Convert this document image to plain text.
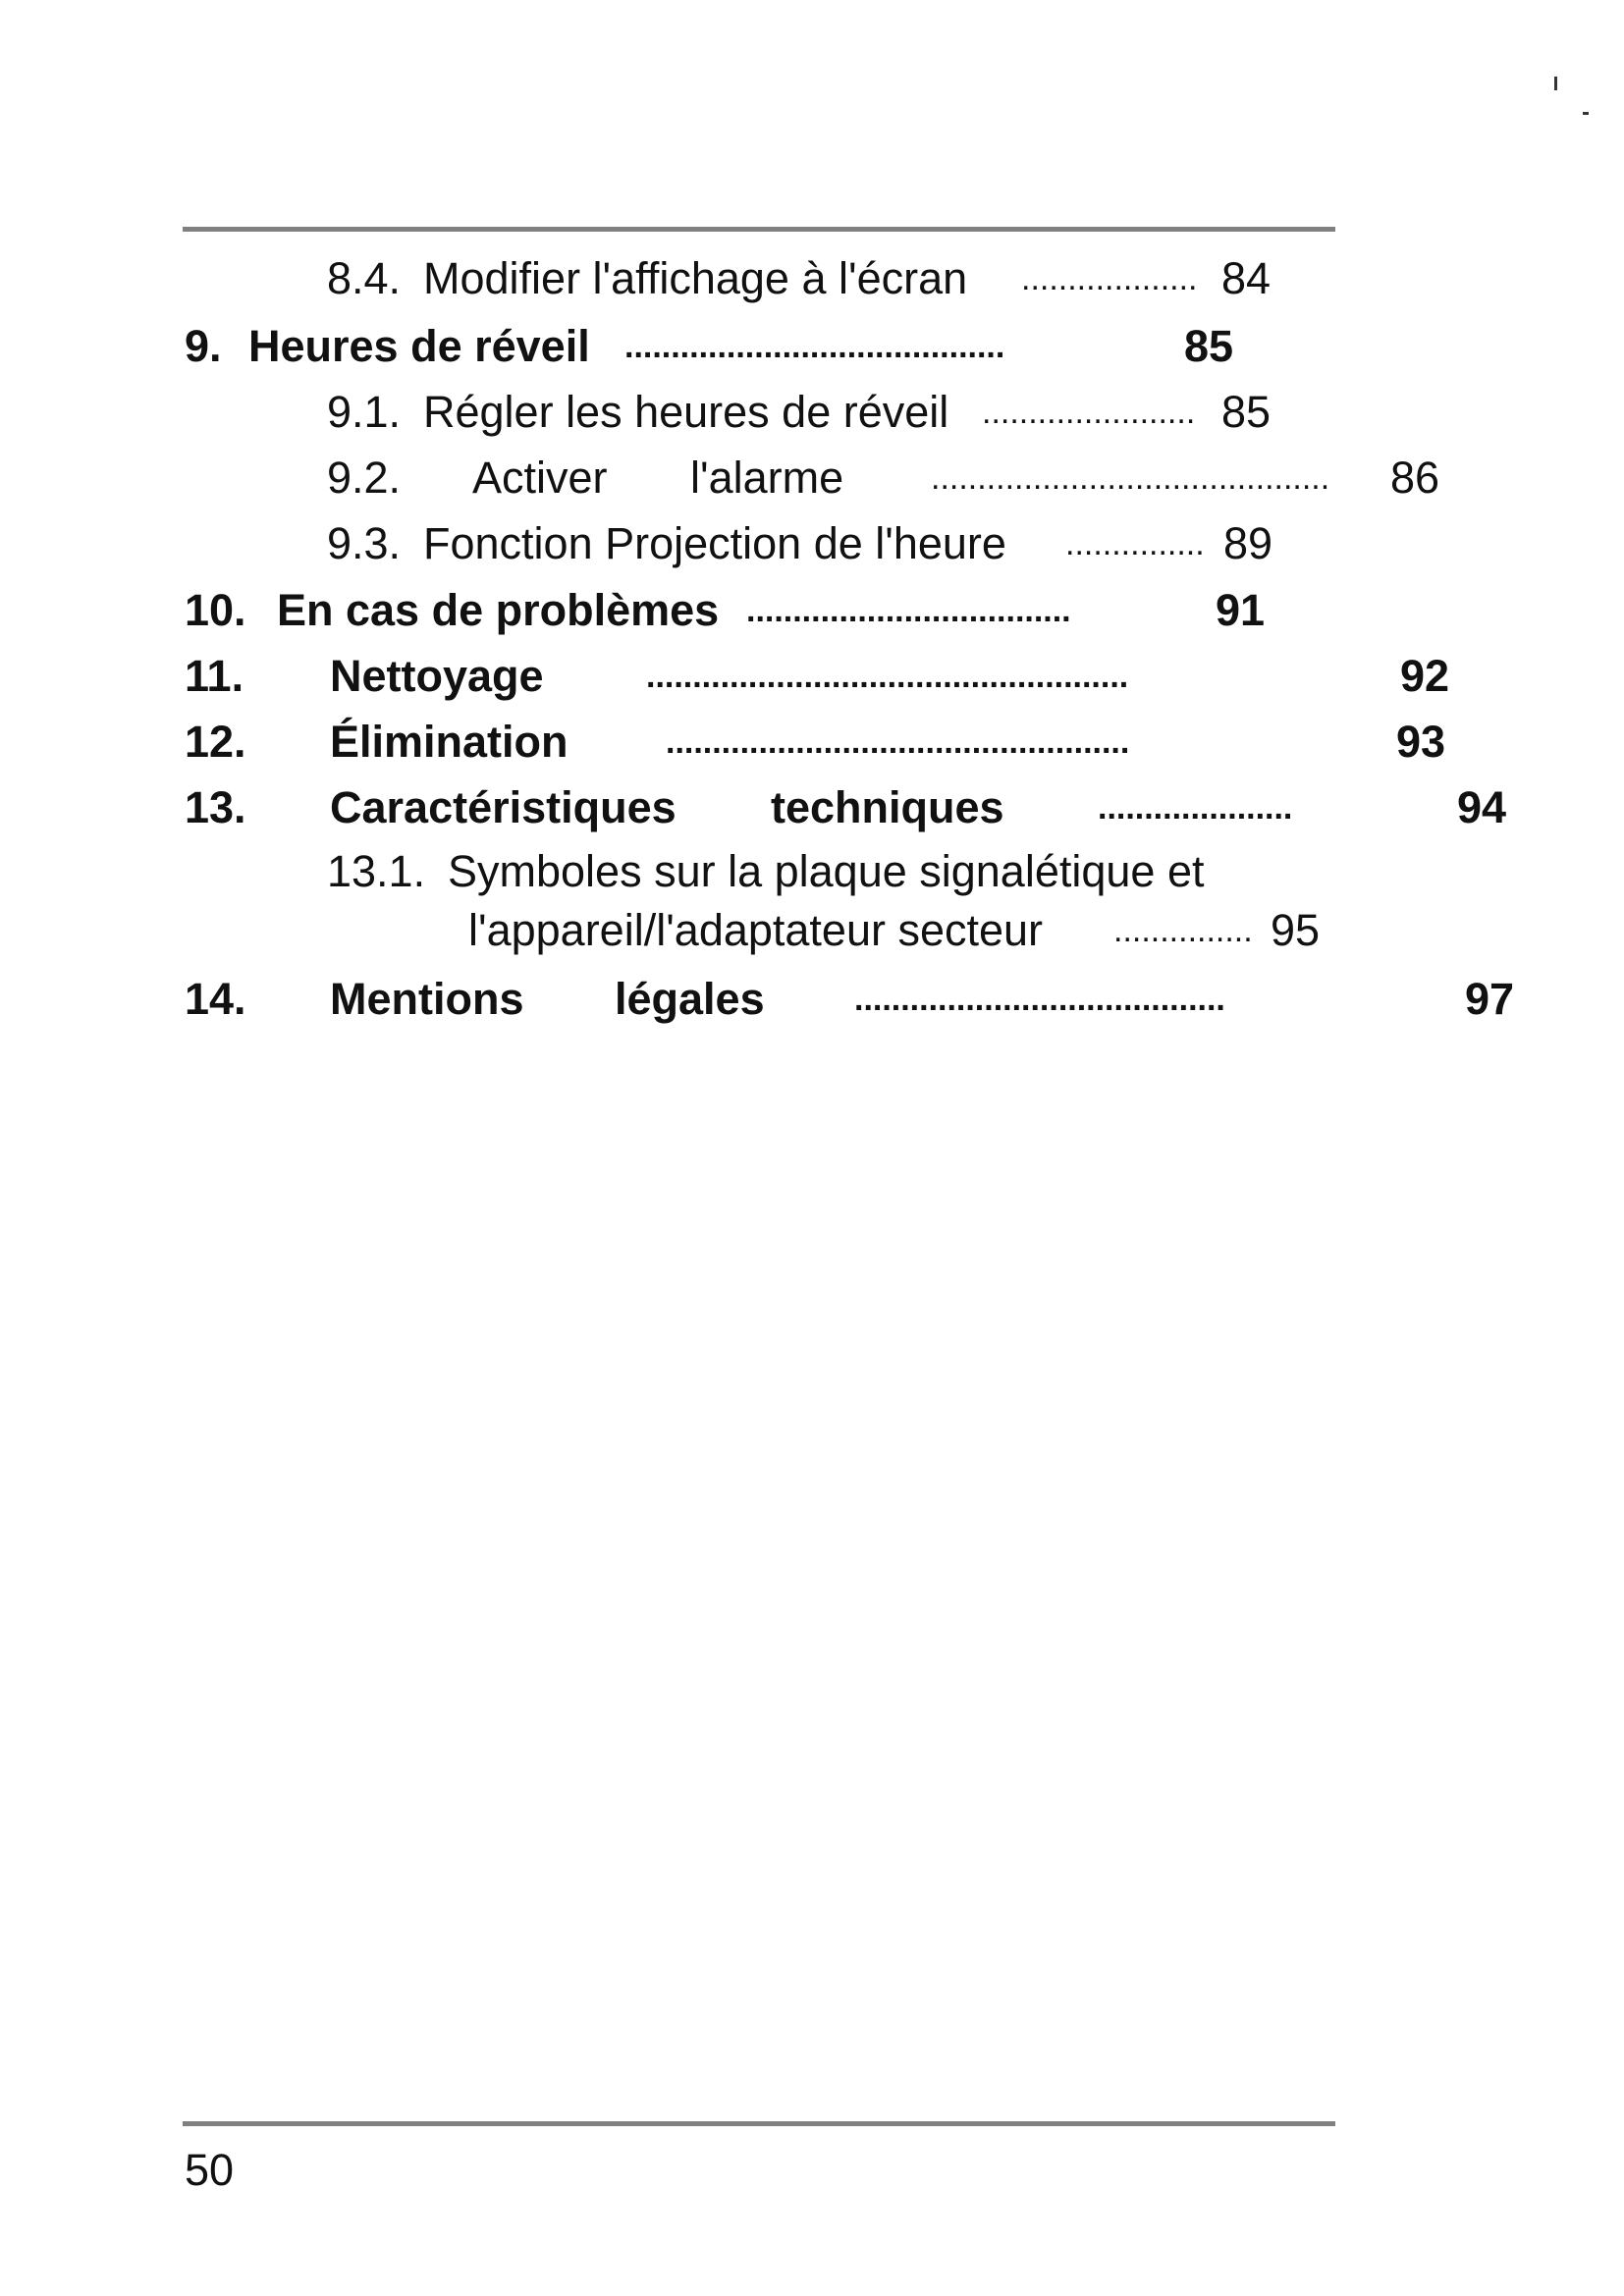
8.4. Modifier l'affichage à l'écran ................... 84
9. Heures de réveil .........................................	85
9.1. Régler les heures de réveil ....................... 85
9.2. Activer l'alarme	...........................................	86
9.3. Fonction Projection de l'heure ............... 89
10. En cas de problèmes ...................................	91
11. Nettoyage	....................................................	92
12. Élimination	..................................................	93
13. Caractéristiques techniques	.....................	94
13.1. Symboles sur la plaque signalétique et
l'appareil/l'adaptateur secteur ............... 95
14. Mentions légales	........................................	97
50
